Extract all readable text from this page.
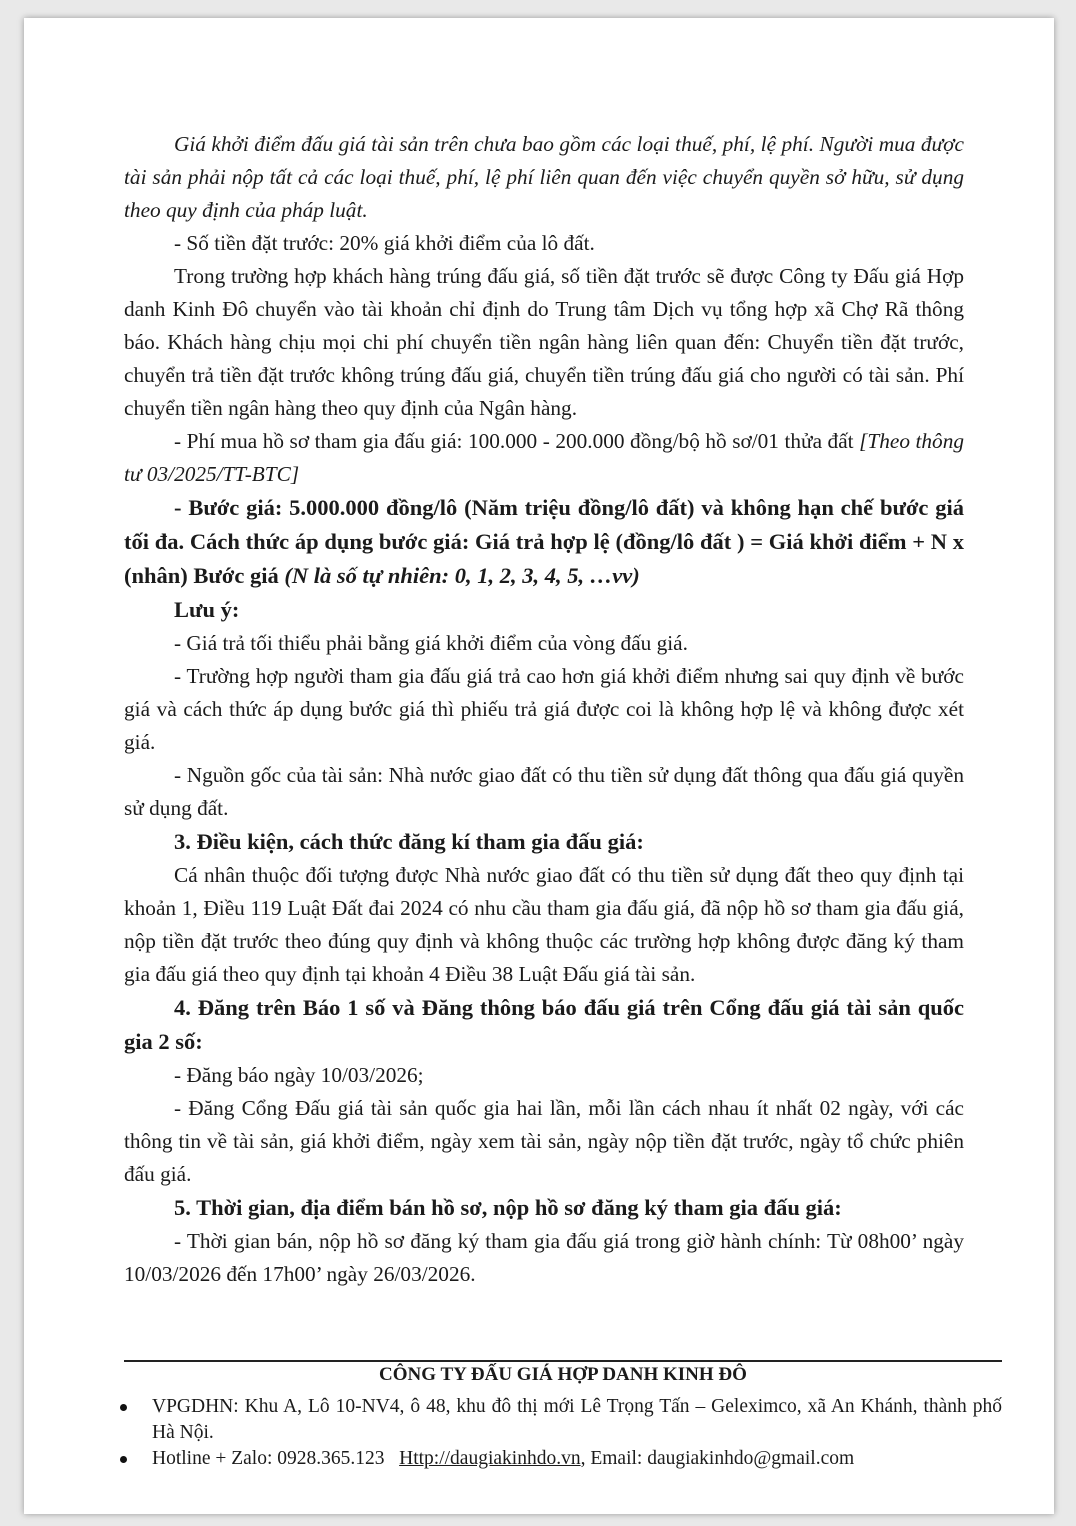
Giá khởi điểm đấu giá tài sản trên chưa bao gồm các loại thuế, phí, lệ phí. Người mua được tài sản phải nộp tất cả các loại thuế, phí, lệ phí liên quan đến việc chuyển quyền sở hữu, sử dụng theo quy định của pháp luật.

- Số tiền đặt trước: 20% giá khởi điểm của lô đất.

Trong trường hợp khách hàng trúng đấu giá, số tiền đặt trước sẽ được Công ty Đấu giá Hợp danh Kinh Đô chuyển vào tài khoản chỉ định do Trung tâm Dịch vụ tổng hợp xã Chợ Rã thông báo. Khách hàng chịu mọi chi phí chuyển tiền ngân hàng liên quan đến: Chuyển tiền đặt trước, chuyển trả tiền đặt trước không trúng đấu giá, chuyển tiền trúng đấu giá cho người có tài sản. Phí chuyển tiền ngân hàng theo quy định của Ngân hàng.

- Phí mua hồ sơ tham gia đấu giá: 100.000 - 200.000 đồng/bộ hồ sơ/01 thửa đất [Theo thông tư 03/2025/TT-BTC]

- Bước giá: 5.000.000 đồng/lô (Năm triệu đồng/lô đất) và không hạn chế bước giá tối đa. Cách thức áp dụng bước giá: Giá trả hợp lệ (đồng/lô đất ) = Giá khởi điểm + N x (nhân) Bước giá (N là số tự nhiên: 0, 1, 2, 3, 4, 5, …vv)

Lưu ý:

- Giá trả tối thiểu phải bằng giá khởi điểm của vòng đấu giá.

- Trường hợp người tham gia đấu giá trả cao hơn giá khởi điểm nhưng sai quy định về bước giá và cách thức áp dụng bước giá thì phiếu trả giá được coi là không hợp lệ và không được xét giá.

- Nguồn gốc của tài sản: Nhà nước giao đất có thu tiền sử dụng đất thông qua đấu giá quyền sử dụng đất.

3. Điều kiện, cách thức đăng kí tham gia đấu giá:

Cá nhân thuộc đối tượng được Nhà nước giao đất có thu tiền sử dụng đất theo quy định tại khoản 1, Điều 119 Luật Đất đai 2024 có nhu cầu tham gia đấu giá, đã nộp hồ sơ tham gia đấu giá, nộp tiền đặt trước theo đúng quy định và không thuộc các trường hợp không được đăng ký tham gia đấu giá theo quy định tại khoản 4 Điều 38 Luật Đấu giá tài sản.

4. Đăng trên Báo 1 số và Đăng thông báo đấu giá trên Cổng đấu giá tài sản quốc gia 2 số:

- Đăng báo ngày 10/03/2026;

- Đăng Cổng Đấu giá tài sản quốc gia hai lần, mỗi lần cách nhau ít nhất 02 ngày, với các thông tin về tài sản, giá khởi điểm, ngày xem tài sản, ngày nộp tiền đặt trước, ngày tổ chức phiên đấu giá.

5. Thời gian, địa điểm bán hồ sơ, nộp hồ sơ đăng ký tham gia đấu giá:

- Thời gian bán, nộp hồ sơ đăng ký tham gia đấu giá trong giờ hành chính: Từ 08h00’ ngày 10/03/2026 đến 17h00’ ngày 26/03/2026.

CÔNG TY ĐẤU GIÁ HỢP DANH KINH ĐÔ

VPGDHN: Khu A, Lô 10-NV4, ô 48, khu đô thị mới Lê Trọng Tấn – Geleximco, xã An Khánh, thành phố Hà Nội.

Hotline + Zalo: 0928.365.123 Http://daugiakinhdo.vn, Email: daugiakinhdo@gmail.com
